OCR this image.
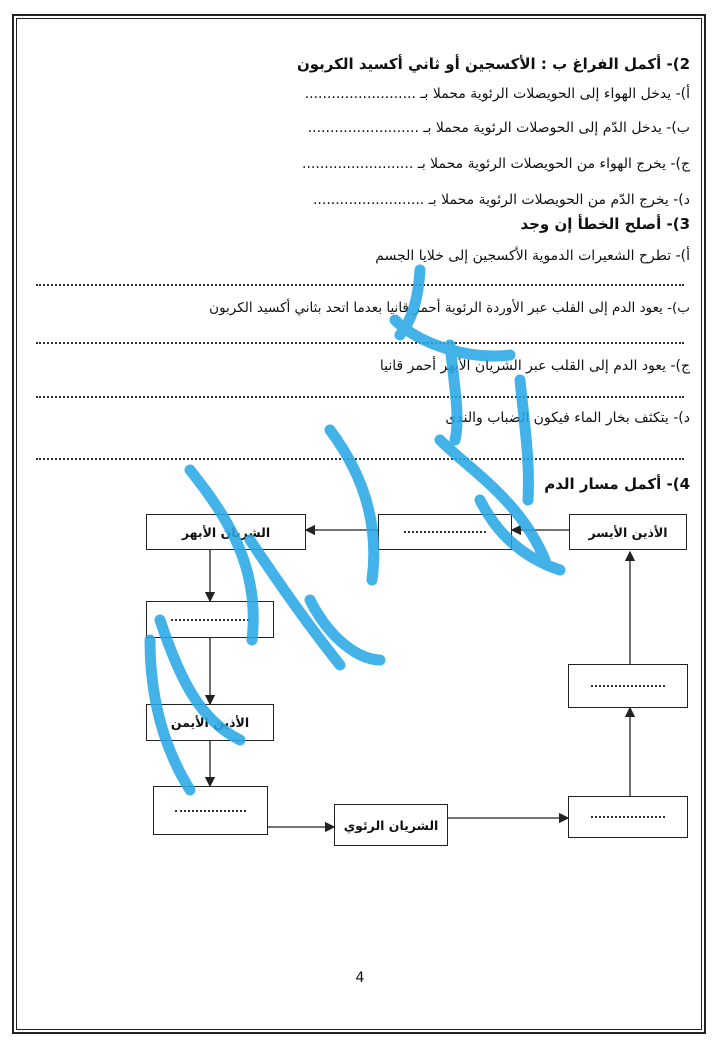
2)- أكمل الفراغ ب : الأكسجين أو ثاني أكسيد الكربون
أ)- يدخل الهواء إلى الحويصلات الرئوية محملا بـ .........................
ب)- يدخل الدّم إلى الحوصلات الرئوية محملا بـ .........................
ج)- يخرج الهواء من الحويصلات الرئوية محملا بـ .........................
د)- يخرج الدّم من الحويصلات الرئوية محملا بـ .........................
3)- أصلح الخطأ إن وجد
أ)- تطرح الشعيرات الدموية الأكسجين إلى خلايا الجسم
ب)- يعود الدم إلى القلب عبر الأوردة الرئوية أحمر قانيا بعدما اتحد بثاني أكسيد الكربون
ج)- يعود الدم إلى القلب عبر الشريان الأبهر أحمر قانيا
د)- يتكثف بخار الماء فيكون الضباب والندى
4)- أكمل مسار الدم
الأذين الأيسر
الشريان الأبهر
الأذين الأيمن
الشريان الرئوي
4
